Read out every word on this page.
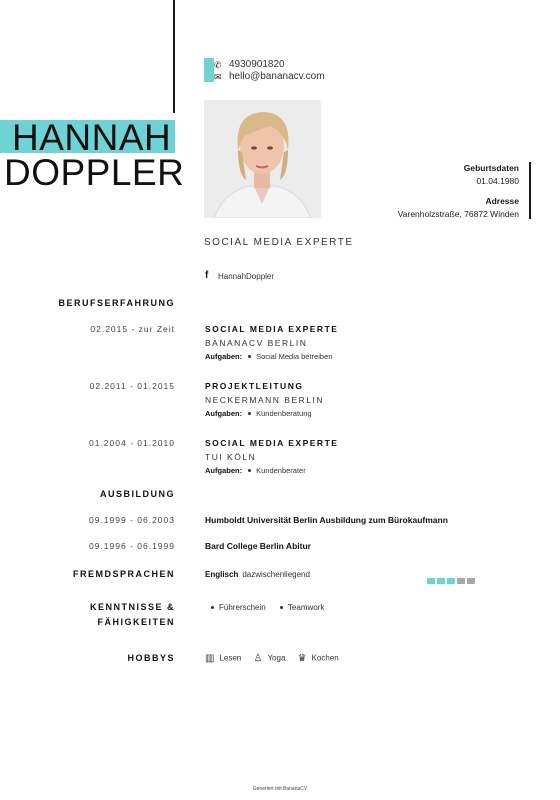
HANNAH
DOPPLER
✆ 4930901820
✉ hello@bananacv.com
Geburtsdaten
01.04.1980
Adresse
Varenholzstraße, 76872 Winden
SOCIAL MEDIA EXPERTE
f HannahDoppler
BERUFSERFAHRUNG
02.2015 - zur Zeit	SOCIAL MEDIA EXPERTE
BANANACV BERLIN
Aufgaben: Social Media betreiben
02.2011 - 01.2015	PROJEKTLEITUNG
NECKERMANN BERLIN
Aufgaben: Kundenberatung
01.2004 - 01.2010	SOCIAL MEDIA EXPERTE
TUI KÖLN
Aufgaben: Kundenberater
AUSBILDUNG
09.1999 - 06.2003	Humboldt Universität Berlin Ausbildung zum Bürokaufmann
09.1996 - 06.1999	Bard College Berlin Abitur
FREMDSPRACHEN	Englisch dazwischenliegend
KENNTNISSE &
FÄHIGKEITEN
Führerschein	Teamwork
HOBBYS	▥ Lesen ♙ Yoga ♛ Kochen
Generiert mit BananaCV
